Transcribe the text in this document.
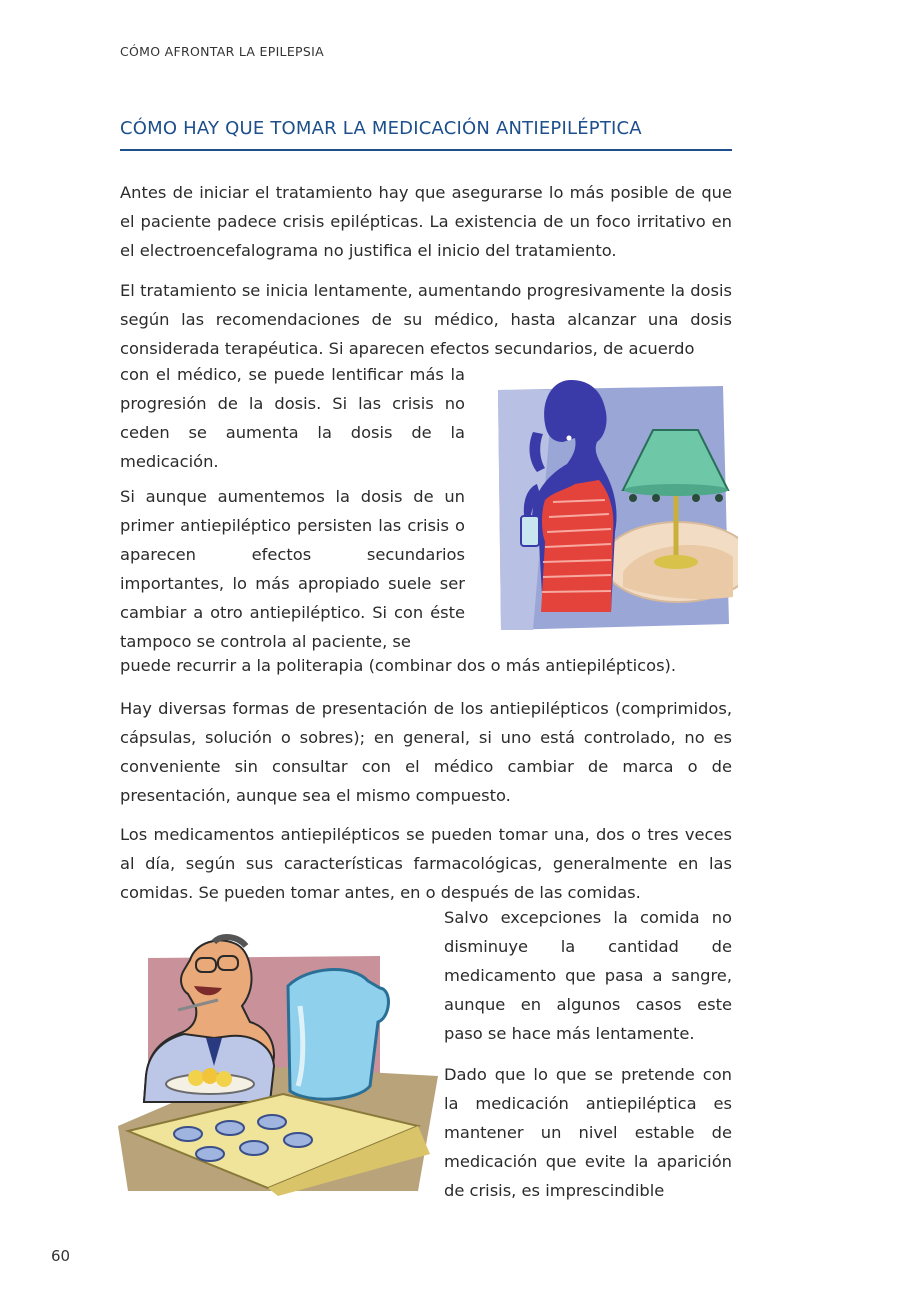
CÓMO AFRONTAR LA EPILEPSIA
CÓMO HAY QUE TOMAR LA MEDICACIÓN ANTIEPILÉPTICA

Antes de iniciar el tratamiento hay que asegurarse lo más posible de que el paciente padece crisis epilépticas. La existencia de un foco irritativo en el electroencefalograma no justifica el inicio del tratamiento.

El tratamiento se inicia lentamente, aumentando progresivamente la dosis según las recomendaciones de su médico, hasta alcanzar una dosis considerada terapéutica. Si aparecen efectos secundarios, de acuerdo

con el médico, se puede lentificar más la progresión de la dosis. Si las crisis no ceden se aumenta la dosis de la medicación.

Si aunque aumentemos la dosis de un primer antiepiléptico persisten las crisis o aparecen efectos secundarios importantes, lo más apropiado suele ser cambiar a otro antiepiléptico. Si con éste tampoco se controla al paciente, se

puede recurrir a la politerapia (combinar dos o más antiepilépticos).

Hay diversas formas de presentación de los antiepilépticos (comprimidos, cápsulas, solución o sobres); en general, si uno está controlado, no es conveniente sin consultar con el médico cambiar de marca o de presentación, aunque sea el mismo compuesto.

Los medicamentos antiepilépticos se pueden tomar una, dos o tres veces al día, según sus características farmacológicas, generalmente en las comidas. Se pueden tomar antes, en o después de las comidas.

Salvo excepciones la comida no disminuye la cantidad de medicamento que pasa a sangre, aunque en algunos casos este paso se hace más lentamente.

Dado que lo que se pretende con la medicación antiepiléptica es mantener un nivel estable de medicación que evite la aparición de crisis, es imprescindible

60
